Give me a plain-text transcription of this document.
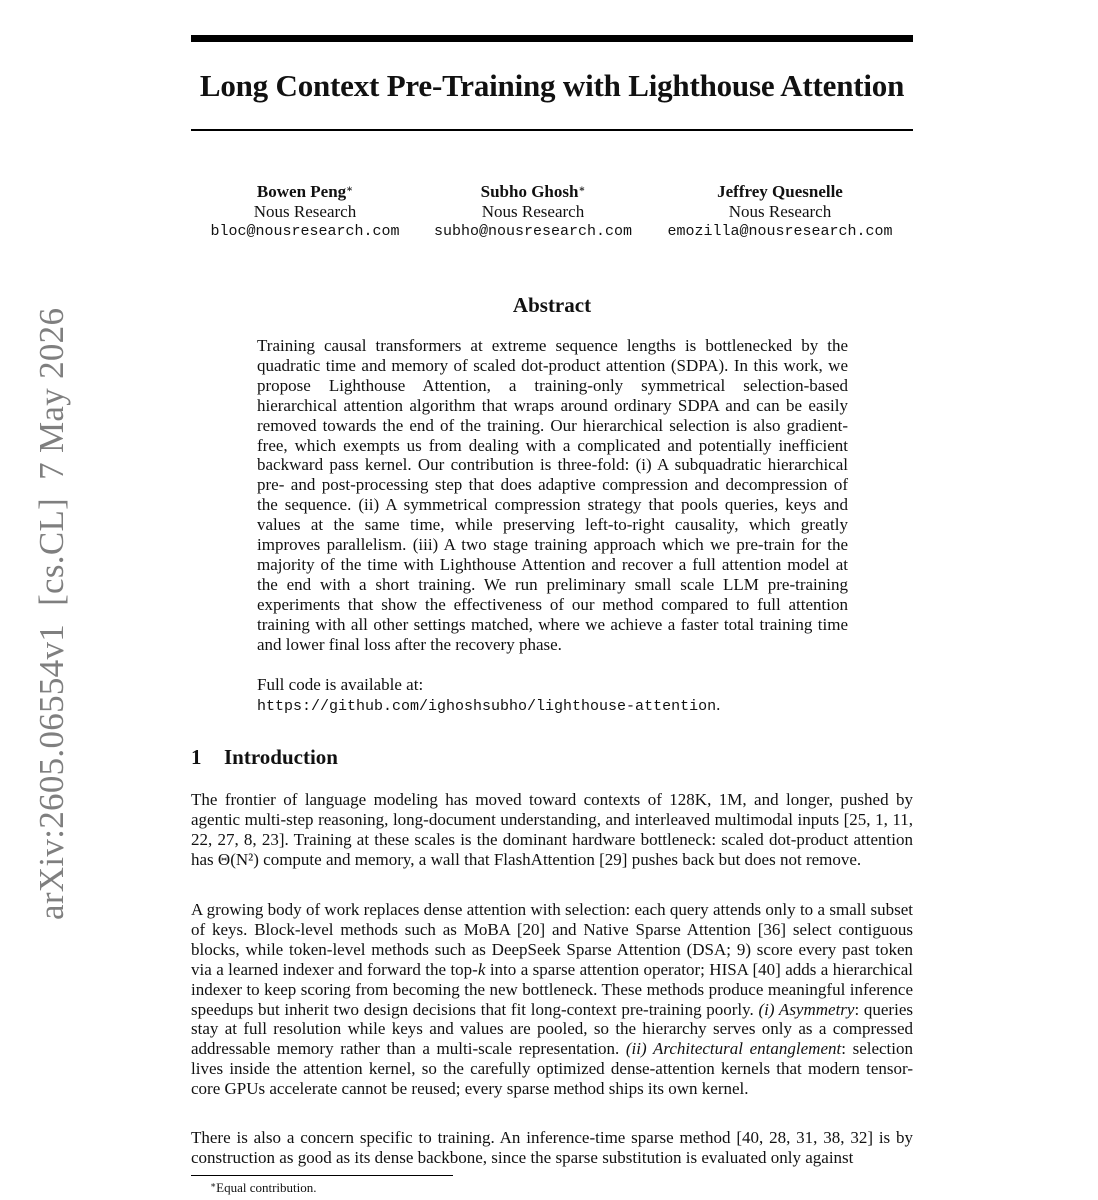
arXiv:2605.06554v1[cs.CL]7 May 2026
Long Context Pre-Training with Lighthouse Attention
Bowen Peng∗
Nous Research
bloc@nousresearch.com
Subho Ghosh∗
Nous Research
subho@nousresearch.com
Jeffrey Quesnelle
Nous Research
emozilla@nousresearch.com
Abstract

Training causal transformers at extreme sequence lengths is bottlenecked by the quadratic time and memory of scaled dot-product attention (SDPA). In this work, we propose Lighthouse Attention, a training-only symmetrical selection-based hierarchical attention algorithm that wraps around ordinary SDPA and can be easily removed towards the end of the training. Our hierarchical selection is also gradient-free, which exempts us from dealing with a complicated and potentially inefficient backward pass kernel. Our contribution is three-fold: (i) A subquadratic hierarchical pre- and post-processing step that does adaptive compression and decompression of the sequence. (ii) A symmetrical compression strategy that pools queries, keys and values at the same time, while preserving left-to-right causality, which greatly improves parallelism. (iii) A two stage training approach which we pre-train for the majority of the time with Lighthouse Attention and recover a full attention model at the end with a short training. We run preliminary small scale LLM pre-training experiments that show the effectiveness of our method compared to full attention training with all other settings matched, where we achieve a faster total training time and lower final loss after the recovery phase.

Full code is available at:
https://github.com/ighoshsubho/lighthouse-attention.

1 Introduction

The frontier of language modeling has moved toward contexts of 128K, 1M, and longer, pushed by agentic multi-step reasoning, long-document understanding, and interleaved multimodal inputs [25, 1, 11, 22, 27, 8, 23]. Training at these scales is the dominant hardware bottleneck: scaled dot-product attention has Θ(N²) compute and memory, a wall that FlashAttention [29] pushes back but does not remove.

A growing body of work replaces dense attention with selection: each query attends only to a small subset of keys. Block-level methods such as MoBA [20] and Native Sparse Attention [36] select contiguous blocks, while token-level methods such as DeepSeek Sparse Attention (DSA; 9) score every past token via a learned indexer and forward the top-k into a sparse attention operator; HISA [40] adds a hierarchical indexer to keep scoring from becoming the new bottleneck. These methods produce meaningful inference speedups but inherit two design decisions that fit long-context pre-training poorly. (i) Asymmetry: queries stay at full resolution while keys and values are pooled, so the hierarchy serves only as a compressed addressable memory rather than a multi-scale representation. (ii) Architectural entanglement: selection lives inside the attention kernel, so the carefully optimized dense-attention kernels that modern tensor-core GPUs accelerate cannot be reused; every sparse method ships its own kernel.

There is also a concern specific to training. An inference-time sparse method [40, 28, 31, 38, 32] is by construction as good as its dense backbone, since the sparse substitution is evaluated only against

∗Equal contribution.
